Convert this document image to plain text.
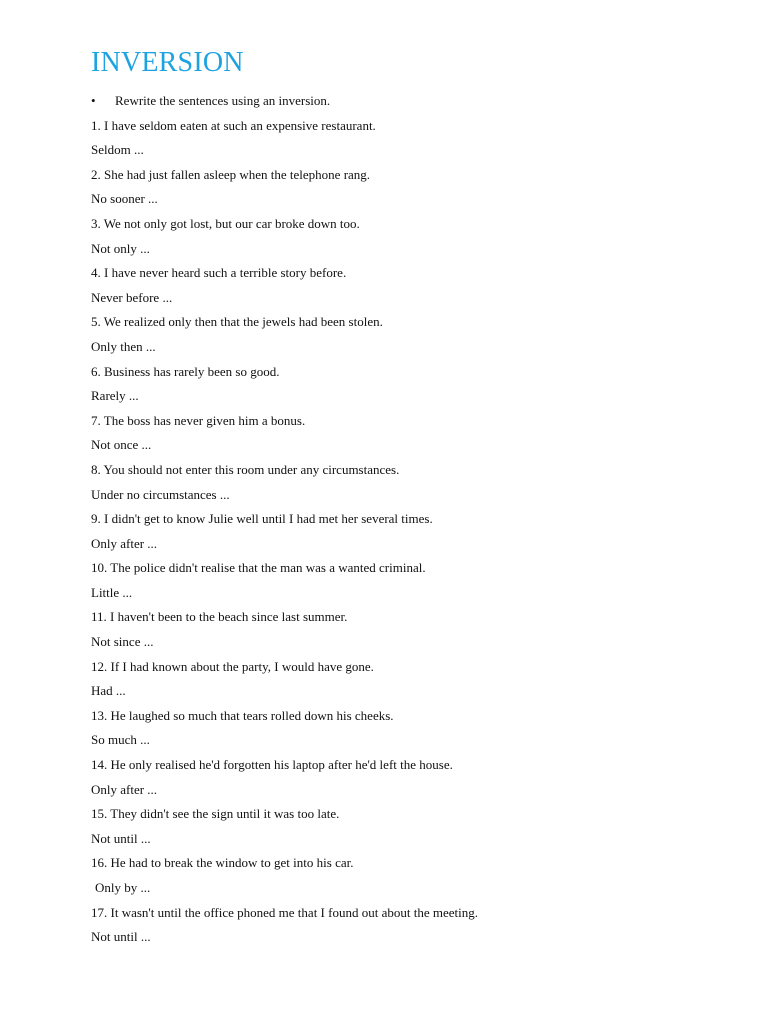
INVERSION
•	Rewrite the sentences using an inversion.
1. I have seldom eaten at such an expensive restaurant.
Seldom ...
2. She had just fallen asleep when the telephone rang.
No sooner ...
3. We not only got lost, but our car broke down too.
Not only ...
4. I have never heard such a terrible story before.
Never before ...
5. We realized only then that the jewels had been stolen.
Only then ...
6. Business has rarely been so good.
Rarely ...
7. The boss has never given him a bonus.
Not once ...
8. You should not enter this room under any circumstances.
Under no circumstances ...
9. I didn't get to know Julie well until I had met her several times.
Only after ...
10. The police didn't realise that the man was a wanted criminal.
Little ...
11. I haven't been to the beach since last summer.
Not since ...
12. If I had known about the party, I would have gone.
Had ...
13. He laughed so much that tears rolled down his cheeks.
So much ...
14. He only realised he'd forgotten his laptop after he'd left the house.
Only after ...
15. They didn't see the sign until it was too late.
Not until ...
16. He had to break the window to get into his car.
Only by ...
17. It wasn't until the office phoned me that I found out about the meeting.
Not until ...
